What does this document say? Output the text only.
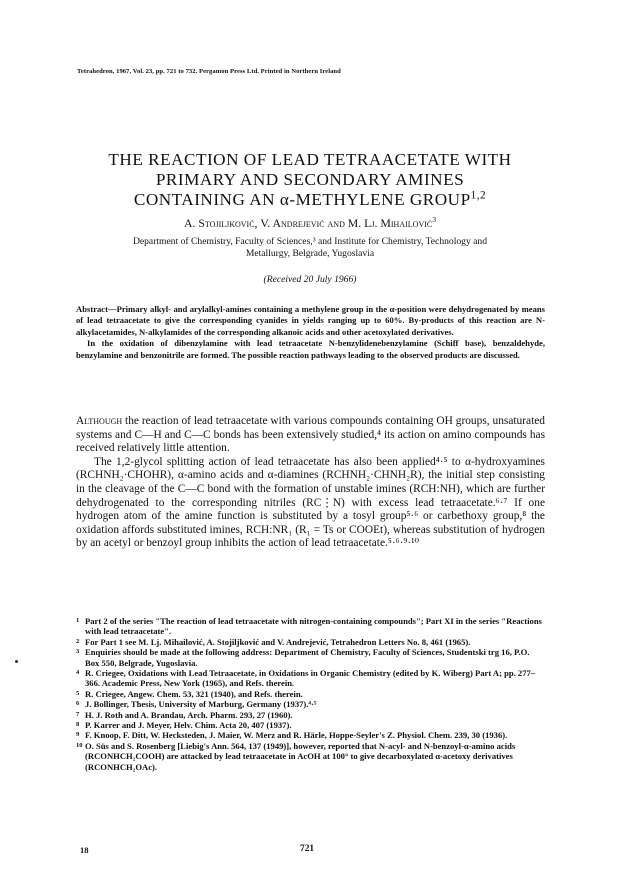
Tetrahedron, 1967, Vol. 23, pp. 721 to 732. Pergamon Press Ltd. Printed in Northern Ireland
THE REACTION OF LEAD TETRAACETATE WITH
PRIMARY AND SECONDARY AMINES
CONTAINING AN α-METHYLENE GROUP$^{1,2}$
A. Stojiljković, V. Andrejević and M. Lj. Mihailović$^3$
Department of Chemistry, Faculty of Sciences,³ and Institute for Chemistry, Technology and
Metallurgy, Belgrade, Yugoslavia
(Received 20 July 1966)

Abstract—Primary alkyl- and arylalkyl-amines containing a methylene group in the α-position were dehydrogenated by means of lead tetraacetate to give the corresponding cyanides in yields ranging up to 60%. By-products of this reaction are N-alkylacetamides, N-alkylamides of the corresponding alkanoic acids and other acetoxylated derivatives.

In the oxidation of dibenzylamine with lead tetraacetate N-benzylidenebenzylamine (Schiff base), benzaldehyde, benzylamine and benzonitrile are formed. The possible reaction pathways leading to the observed products are discussed.

Although the reaction of lead tetraacetate with various compounds containing OH groups, unsaturated systems and C—H and C—C bonds has been extensively studied,⁴ its action on amino compounds has received relatively little attention.

The 1,2-glycol splitting action of lead tetraacetate has also been applied⁴·⁵ to α-hydroxyamines (RCHNH₂·CHOHR), α-amino acids and α-diamines (RCHNH₂·CHNH₂R), the initial step consisting in the cleavage of the C—C bond with the formation of unstable imines (RCH:NH), which are further dehydrogenated to the corresponding nitriles (RC⋮N) with excess lead tetraacetate.⁶·⁷ If one hydrogen atom of the amine function is substituted by a tosyl group⁵·⁶ or carbethoxy group,⁸ the oxidation affords substituted imines, RCH:NR₁ (R₁ = Ts or COOEt), whereas substitution of hydrogen by an acetyl or benzoyl group inhibits the action of lead tetraacetate.⁵·⁶·⁹·¹⁰

1 Part 2 of the series "The reaction of lead tetraacetate with nitrogen-containing compounds"; Part XI in the series "Reactions with lead tetraacetate".
2 For Part 1 see M. Lj. Mihailović, A. Stojiljković and V. Andrejević, Tetrahedron Letters No. 8, 461 (1965).
3 Enquiries should be made at the following address: Department of Chemistry, Faculty of Sciences, Studentski trg 16, P.O. Box 550, Belgrade, Yugoslavia.
4 R. Criegee, Oxidations with Lead Tetraacetate, in Oxidations in Organic Chemistry (edited by K. Wiberg) Part A; pp. 277–366. Academic Press, New York (1965), and Refs. therein.
5 R. Criegee, Angew. Chem. 53, 321 (1940), and Refs. therein.
6 J. Bollinger, Thesis, University of Marburg, Germany (1937).⁴·⁵
7 H. J. Roth and A. Brandau, Arch. Pharm. 293, 27 (1960).
8 P. Karrer and J. Meyer, Helv. Chim. Acta 20, 407 (1937).
9 F. Knoop, F. Ditt, W. Hecksteden, J. Maier, W. Merz and R. Härle, Hoppe-Seyler's Z. Physiol. Chem. 239, 30 (1936).
10 O. Süs and S. Rosenberg [Liebig's Ann. 564, 137 (1949)], however, reported that N-acyl- and N-benzoyl-α-amino acids (RCONHCH₂COOH) are attacked by lead tetraacetate in AcOH at 100° to give decarboxylated α-acetoxy derivatives (RCONHCH₂OAc).
18	721
